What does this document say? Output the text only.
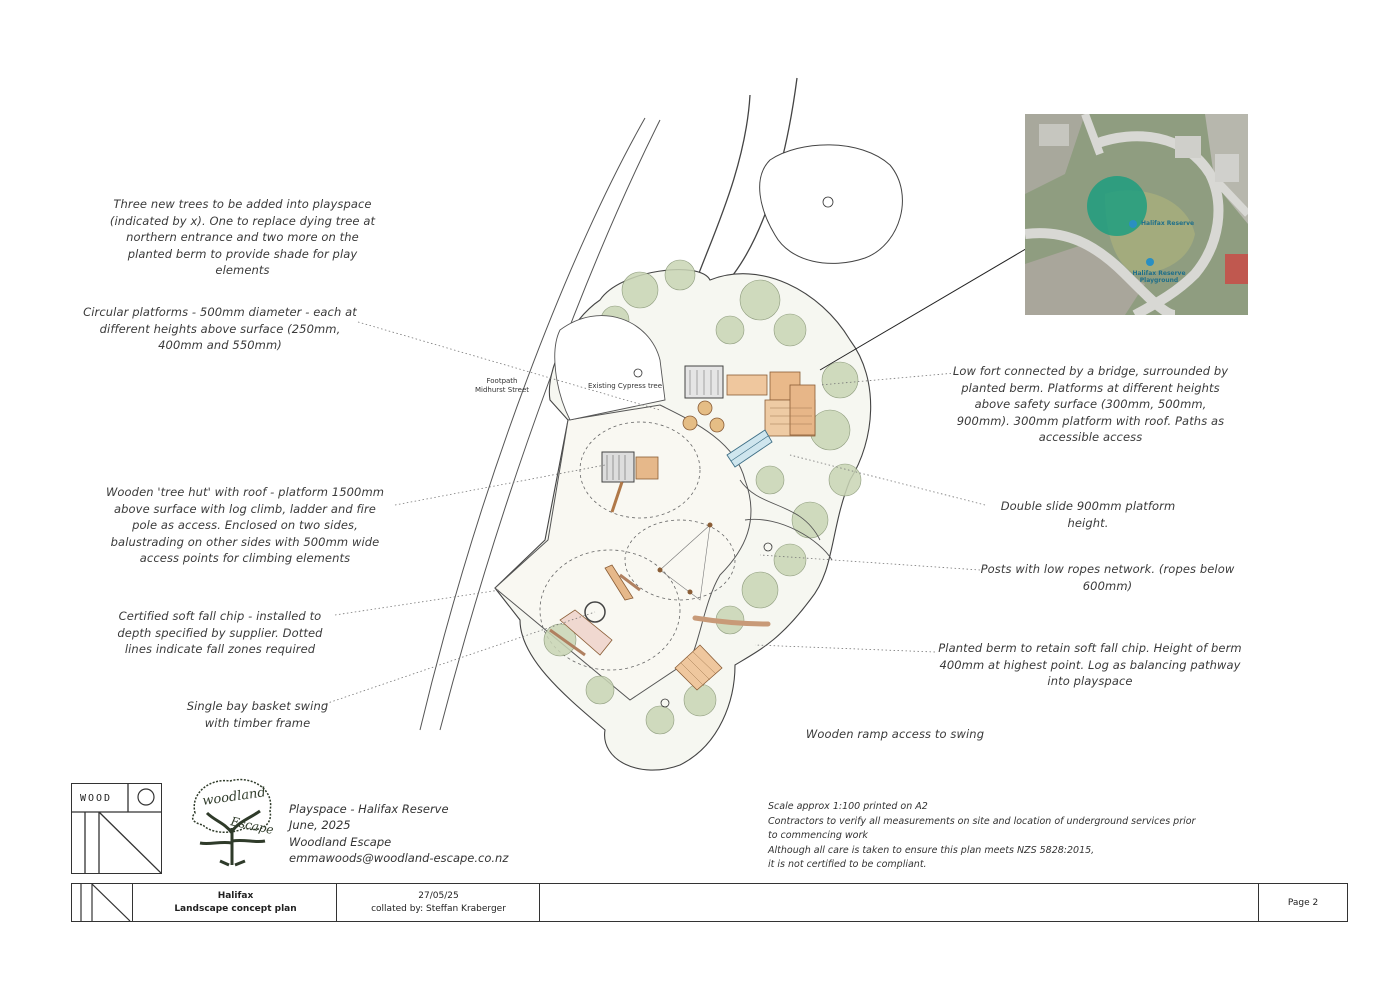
Footpath
Midhurst Street	Existing Cypress tree
Three new trees to be added into playspace (indicated by x). One to replace dying tree at northern entrance and two more on the planted berm to provide shade for play elements
Circular platforms - 500mm diameter - each at different heights above surface (250mm, 400mm and 550mm)
Wooden 'tree hut' with roof - platform 1500mm above surface with log climb, ladder and fire pole as access. Enclosed on two sides, balustrading on other sides with 500mm wide access points for climbing elements
Certified soft fall chip - installed to depth specified by supplier. Dotted lines indicate fall zones required
Single bay basket swing with timber frame
Low fort connected by a bridge, surrounded by planted berm. Platforms at different heights above safety surface (300mm, 500mm, 900mm). 300mm platform with roof. Paths as accessible access
Double slide 900mm platform height.
Posts with low ropes network. (ropes below 600mm)
Planted berm to retain soft fall chip. Height of berm 400mm at highest point. Log as balancing pathway into playspace
Wooden ramp access to swing
Halifax Reserve
Halifax Reserve Playground
WOOD	woodland
Escape
Playspace - Halifax Reserve
June, 2025
Woodland Escape
emmawoods@woodland-escape.co.nz
Scale approx 1:100 printed on A2
Contractors to verify all measurements on site and location of underground services prior
to commencing work
Although all care is taken to ensure this plan meets NZS 5828:2015,
it is not certified to be compliant.
Halifax
Landscape concept plan
27/05/25
collated by: Steffan Kraberger
Page 2
